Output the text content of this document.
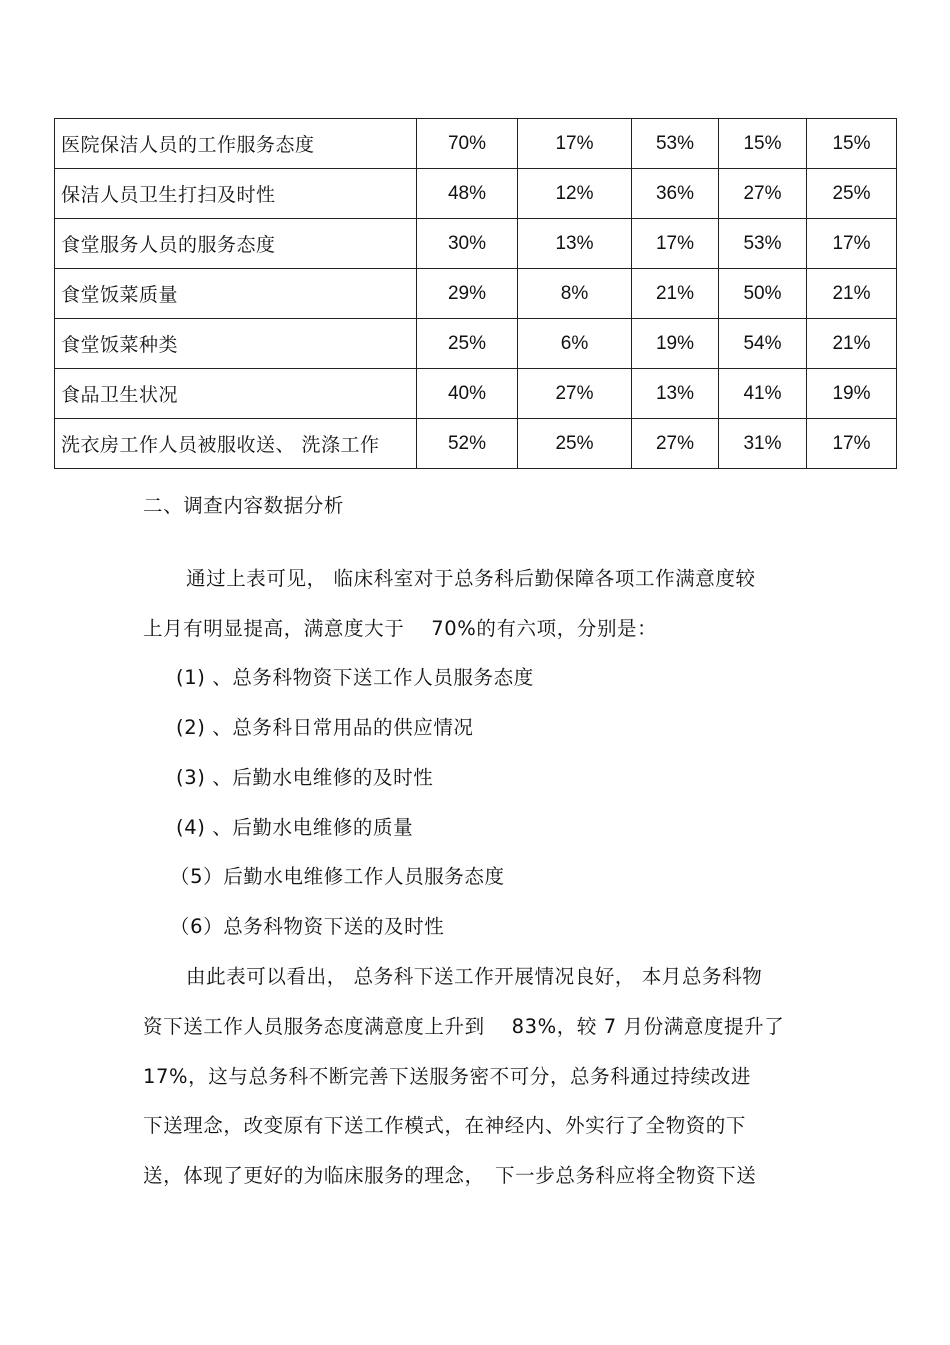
医院保洁人员的工作服务态度	70%	17%	53%	15%	15%
保洁人员卫生打扫及时性	48%	12%	36%	27%	25%
食堂服务人员的服务态度	30%	13%	17%	53%	17%
食堂饭菜质量	29%	8%	21%	50%	21%
食堂饭菜种类	25%	6%	19%	54%	21%
食品卫生状况	40%	27%	13%	41%	19%
洗衣房工作人员被服收送、 洗涤工作	52%	25%	27%	31%	17%
二、调查内容数据分析
通过上表可见， 临床科室对于总务科后勤保障各项工作满意度较
上月有明显提高，满意度大于　 70%的有六项，分别是：
(1) 、总务科物资下送工作人员服务态度
(2) 、总务科日常用品的供应情况
(3) 、后勤水电维修的及时性
(4) 、后勤水电维修的质量
（5）后勤水电维修工作人员服务态度
（6）总务科物资下送的及时性
由此表可以看出， 总务科下送工作开展情况良好， 本月总务科物
资下送工作人员服务态度满意度上升到　 83%，较 7 月份满意度提升了
17%，这与总务科不断完善下送服务密不可分，总务科通过持续改进
下送理念，改变原有下送工作模式，在神经内、外实行了全物资的下
送，体现了更好的为临床服务的理念，　下一步总务科应将全物资下送
